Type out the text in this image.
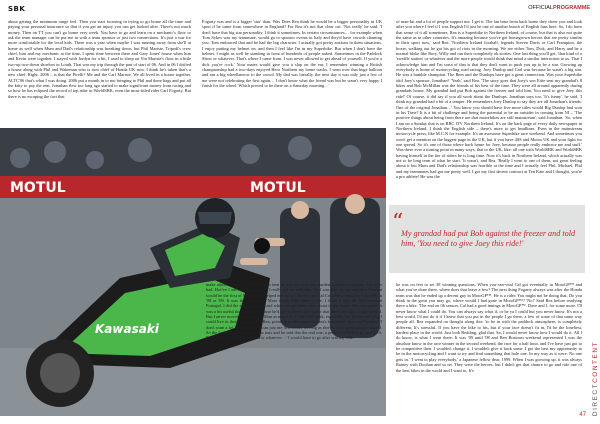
SBK	OFFICIALPROGRAMME
about getting the minimum range feel. Then you start focusing in trying to go home all the time and paying your personal insurance so that if you get an injury you can get looked after. There's not much money. Then on TT you can't go home very week. You have to go and learn on a mechanic's floor or ask the team manager can he put me in with a team sponsor or just two connections. It's just a war for more comfortable for the local kids. There was a year when maybe I was running away from she'll at home as well when Mum and Dad's relationship was breaking down, but Phil Mariste, Tripodi's crew chief, him and my mechanic at the time, I spent time between there and Gary Jones' house when him and Kevin were together. I stayed with Jordyn for a bit, I used to sleep on Vin Mariste's floor in a little two-up two-down shoebox in Louth. That was my trip through the part of start of 06. And in 06 I drifted a house along with Phil and Wakeman who is now chief of Honda UK now. I think he's taken that's a new chief. Right, 2006 – is that the Pirelli? Me and the Carl Mariste. We all lived in a house together. ALTC'06 that's what I was doing. 2006 put a month in to not bringing to Phil and there bags and put all the kitty to pay the rent. Jonathan flew too long ago started to make significant money from racing and so how he has eclipsed the record of top rider in WorldSBK, even the most-titled rider Carl Fogarty. But there is no escaping the fact that
Fogarty was and is a bigger 'star' than. Was Does Rea think he would be a bigger personality in UK sport if he came from somewhere in England? For Rea it's not that clear cut. 'Not really' he said. 'I don't have that big star personality. I think it sometimes. In certain circumstances… for example when Tom Sykes was my teammate, would go to sponsor events in Italy and they'd have crowds chanting you. Tom embraced that and he had the big character. I actually got pretty anxious in them situations. I enjoy putting my helmet on, and then I feel like I'm in my Superbike. But when I don't have the helmet, I might as well be standing in front of hundreds of people naked. Sometimes in the Paddock Show or whatever. That's where I came from. I was never allowed to get ahead of yourself. If you're a dick you're cock.' Your mates would give you a slap on the ear. I remember winning a British championship had a two-days enjoyed Hero Northern my home tracks. I went over that huge balloon and ran a big wheelbarrow to the crowd. My dad was literally, the next day it was only just a few of me were not celebrating the first again… I don't know what the friend was but he wasn't very happy I finish for the wheel. Which proved to be there on a Saturday morning…'
of man-kit and a lot of people support me. I get it. The fan base from back home they cheer you and look after you where I feel if I was English I'd just be one of another bunch of English fans here. So, I do have that sense of it all sometimes. Rea is a Superbike in Northern Ireland, of course, but that is also not quite the same as in other countries. It's amazing because you've got homegrown heroes that are pretty similar in their sport now,' said Rea. 'Northern Ireland football, legends Steven Davis or Carl Frampton, the boxer, walking out he got his got of riots in the morning. We are either Tom, Dick, and Harry and be a normal bloke like Rory, Willy and ran their completely ok stories. One last thing you'll get, 'that kind of a 'swaffle station' or whatever and the more people would think that mind a similar interaction to us. That I acknowledge him and I'm sorta of that is that they don't want to push you up to be a star. Growing up everybody is home of motorcycling road racing. Joey Dunlop and Carl was because he wasn't a big star. He was a humble champion. The Rees and the Dunlops have got a great connection. Was your Superbike idol Joey's sponsor, Jonathan? 'Yeah,' said Rea. 'The story goes that Joey's son Ettie sent my grandad's 8 bikes and Bob McMillan was the friends of his best of the time. They were all around apparently during grandads house. My grandad had put Bob against the freezer and told him, You need to give Joey this ride!' Of course, it did say if you all work about the Dunlops. Jonathan says too, 'It's funny', he said. 'I think my grandad had a bit of a temper. He remembers Joey Dunlop to say they are all Jonathan's friends. One of the original Jonathan…' You know you should have five more titles would Big Dunlop had won in his Time? It is a bit of challenge and being the potential to be an outsider in coming from NI – 'The positive things about being from there are that motorbikes are still mainstream', said Jonathan. 'So, when I am on a Sunday that is on BBC ITV Northern Ireland. It's on the back page of every daily newspaper in Northern Ireland. I think the English side – there's more to get headlines. Even in the mainstream motorcycle press, like M.C.N for example. It's an awesome Superbike race weekend. And sometimes you won't get a mention on the biggest page in the UK, but if you have 4SS and Motox UK and your fight for one spread. So it's one of those where back home for Joey, because people really embrace me and stuff.' Was there ever a turning point in many ways, that to the UK, like: all one with WorldSBK and WorldSBK having himself in the tier of riders he is long time. Now it's back in Northern Ireland, which actually was not to be long term of what he start. 'It wasn't, and Rea. 'Really I went to one of them, not great feeling about it but Mum and Dad's relationship was horrible at the time and I actually feel Phil, Michael, Phil and my teammates had got me pretty well. I got my first decent contract at Ten Kate and I thought, you're a pro athlete! He was the
MOTUL	MOTUL
Kawasaki
“
My grandad had put Bob against the freezer and told him, 'You need to give Joey this ride!'
make athletic. Apart I'm not being a teen or tree, too sow, the hardest training bookmake I've ever had. Hot!ve I am very ever so and I really got on with him. So I was fine, go try and then Laurent would be the first of Max and he helped me out so. Saved your Cal Crutchlow went there as well, in '08 or '09. It was that discovery. More inside him came to me. I think it was the last round at Portugal. I did the superbike ride and when we got home also about in the house. She was gone. It was a bit useful things to do because he'd got brothers and sisters that lived through a tough period. But I never moved to the Isle of Man as much as it was hard work, especially for Tatiana not why I could live in their windup road Rea, pointing to the adjacent team's hospitality space at Navarra. 'I don't want a lot in my life. You can just me in towards, as long as there's some good people around. So the fact that a lot of Max was nuts and he said this the real one, a person for him to go and do it. Probably one like Bob Haslam or whatever…' I would have to go after was my ride.
he was on feet to set 38 winning questions. When you-can-vital Cal got eventually in MotoGP™ and what you've done there, where does that leave a few? The next thing Fogarty always was after the Honda team was that he ended up a decent guy in MotoGP™. He is a rider. You might not be doing that. Do you think in the great you may go, where would I had gone in MotoGP™? 'No!' Said Rea before readying there a bike. 'The end on 06 season, Cal had a good innings in MotoGP™. Dave and I, for some more. I'll never know what I could do. You can always say what if, or be ya I could but you never know. It's not a best world, I'd not do it if I knew that you put in the people I go there, a few of some of that same way people all. Rea expanded on thought along this: 'to be in with the paddock atmosphere, is completely different. It's stressful. If you have the bike to his, but if your face doesn't fit in, I'd be the loneliest, hardest place in the world. Just look Redding, glad that. So, I would never know how I would do it. All I do know, is what I went there. It was '09 until '08 and Ben Bostrom weekend represented I was the absolute know in the race winner in the second weekend, the race for a half hour, and I've have just got to be competitive then. I wouldn't change it. I wouldn't give it back some. I got the best my opportunity to be in the motorcycling and I want to try and find something that hole one. In my way as it were: No one gets in.' 'I went to play everybody,' a Japanese fellow dear, 1999. When I was growing up, it was always Rainey with Doohan and so on. They were the heroes, but I didn't get that chance to go and ride one of the best bikes in the world and I want to. It's
DIRECTCONTENT
47
